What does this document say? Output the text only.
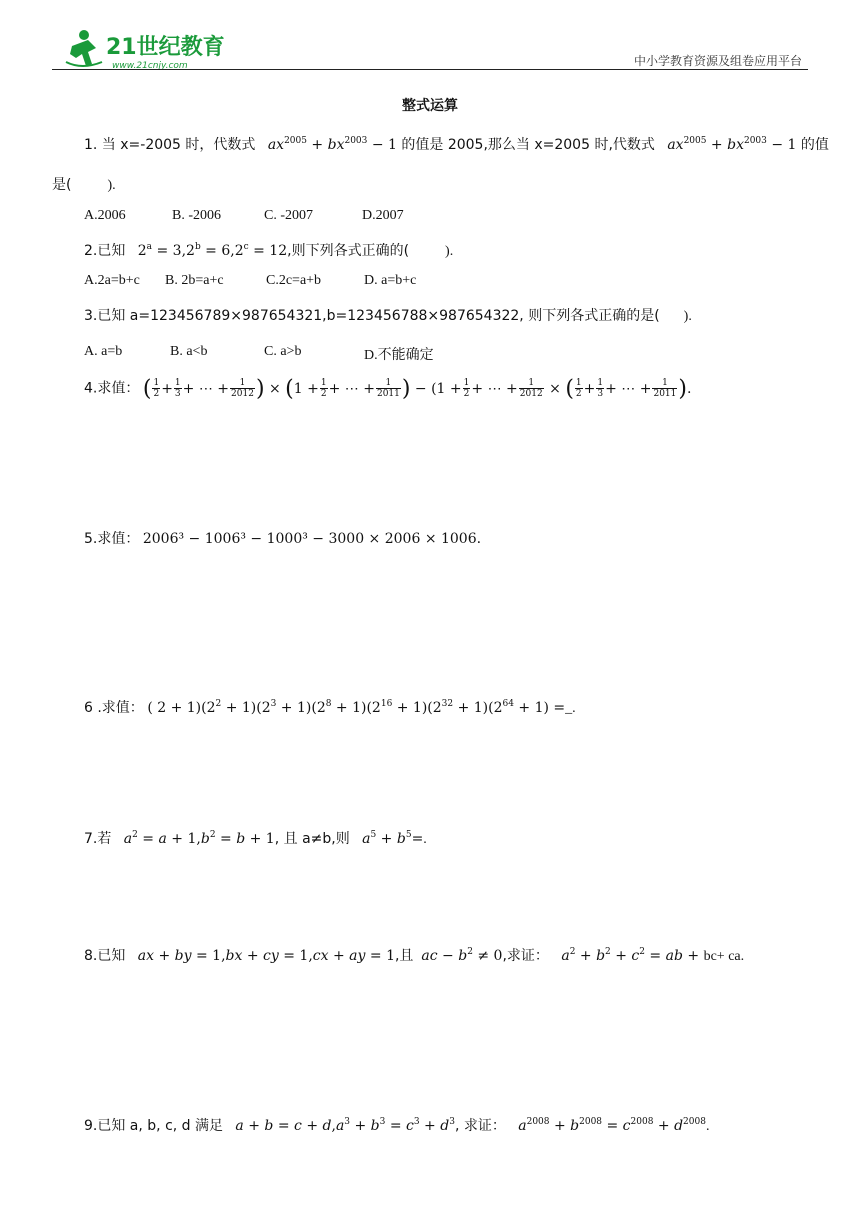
21世纪教育
www.21cnjy.com	中小学教育资源及组卷应用平台
整式运算
1. 当 x=-2005 时，代数式 $ax^{2005} + bx^{2003} - 1$ 的值是 2005,那么当 x=2005 时,代数式 $ax^{2005} + bx^{2003} - 1$ 的值
是(	).
A.2006	B. -2006	C. -2007	D.2007
2.已知   $2^a = 3,2^b = 6,2^c = 12$,则下列各式正确的(	).
A.2a=b+c B. 2b=a+c	C.2c=a+b	D. a=b+c
3.已知 a=123456789×987654321,b=123456788×987654322, 则下列各式正确的是( ).
A. a=b	B. a<b	C. a>b	D.不能确定
4.求值： ( $\frac{1}{2} + \frac{1}{3}$ + ⋯ + $\frac{1}{2012}$ ) × ($1 + \frac{1}{2}$ + ⋯ + $\frac{1}{2011}$ ) − ($1 + \frac{1}{2}$ + ⋯ + $\frac{1}{2012}$ × ( $\frac{1}{2} + \frac{1}{3}$ + ⋯ + $\frac{1}{2011}$ ).
5.求值： 2006³ − 1006³ − 1000³ − 3000 × 2006 × 1006.
6 .求值： ( $2 + 1)(2^2 + 1)(2^3 + 1)(2^8 + 1)(2^{16} + 1)(2^{32} + 1)(2^{64} + 1)$ =_.
7.若 $a^2 = a + 1,b^2 = b + 1$, 且 a≠b,则 $a^5 + b^5=$.
8.已知 ax + by = 1,bx + cy = 1,cx + ay = 1,且 ac − $b^2 \ne 0$,求证： $a^2 + b^2 + c^2$ = ab + bc+ ca.
9.已知 a, b, c, d 满足 $a + b = c + d,a^3 + b^3 = c^3 + d^3$, 求证： $a^{2008} + b^{2008} = c^{2008} + d^{2008}$.
